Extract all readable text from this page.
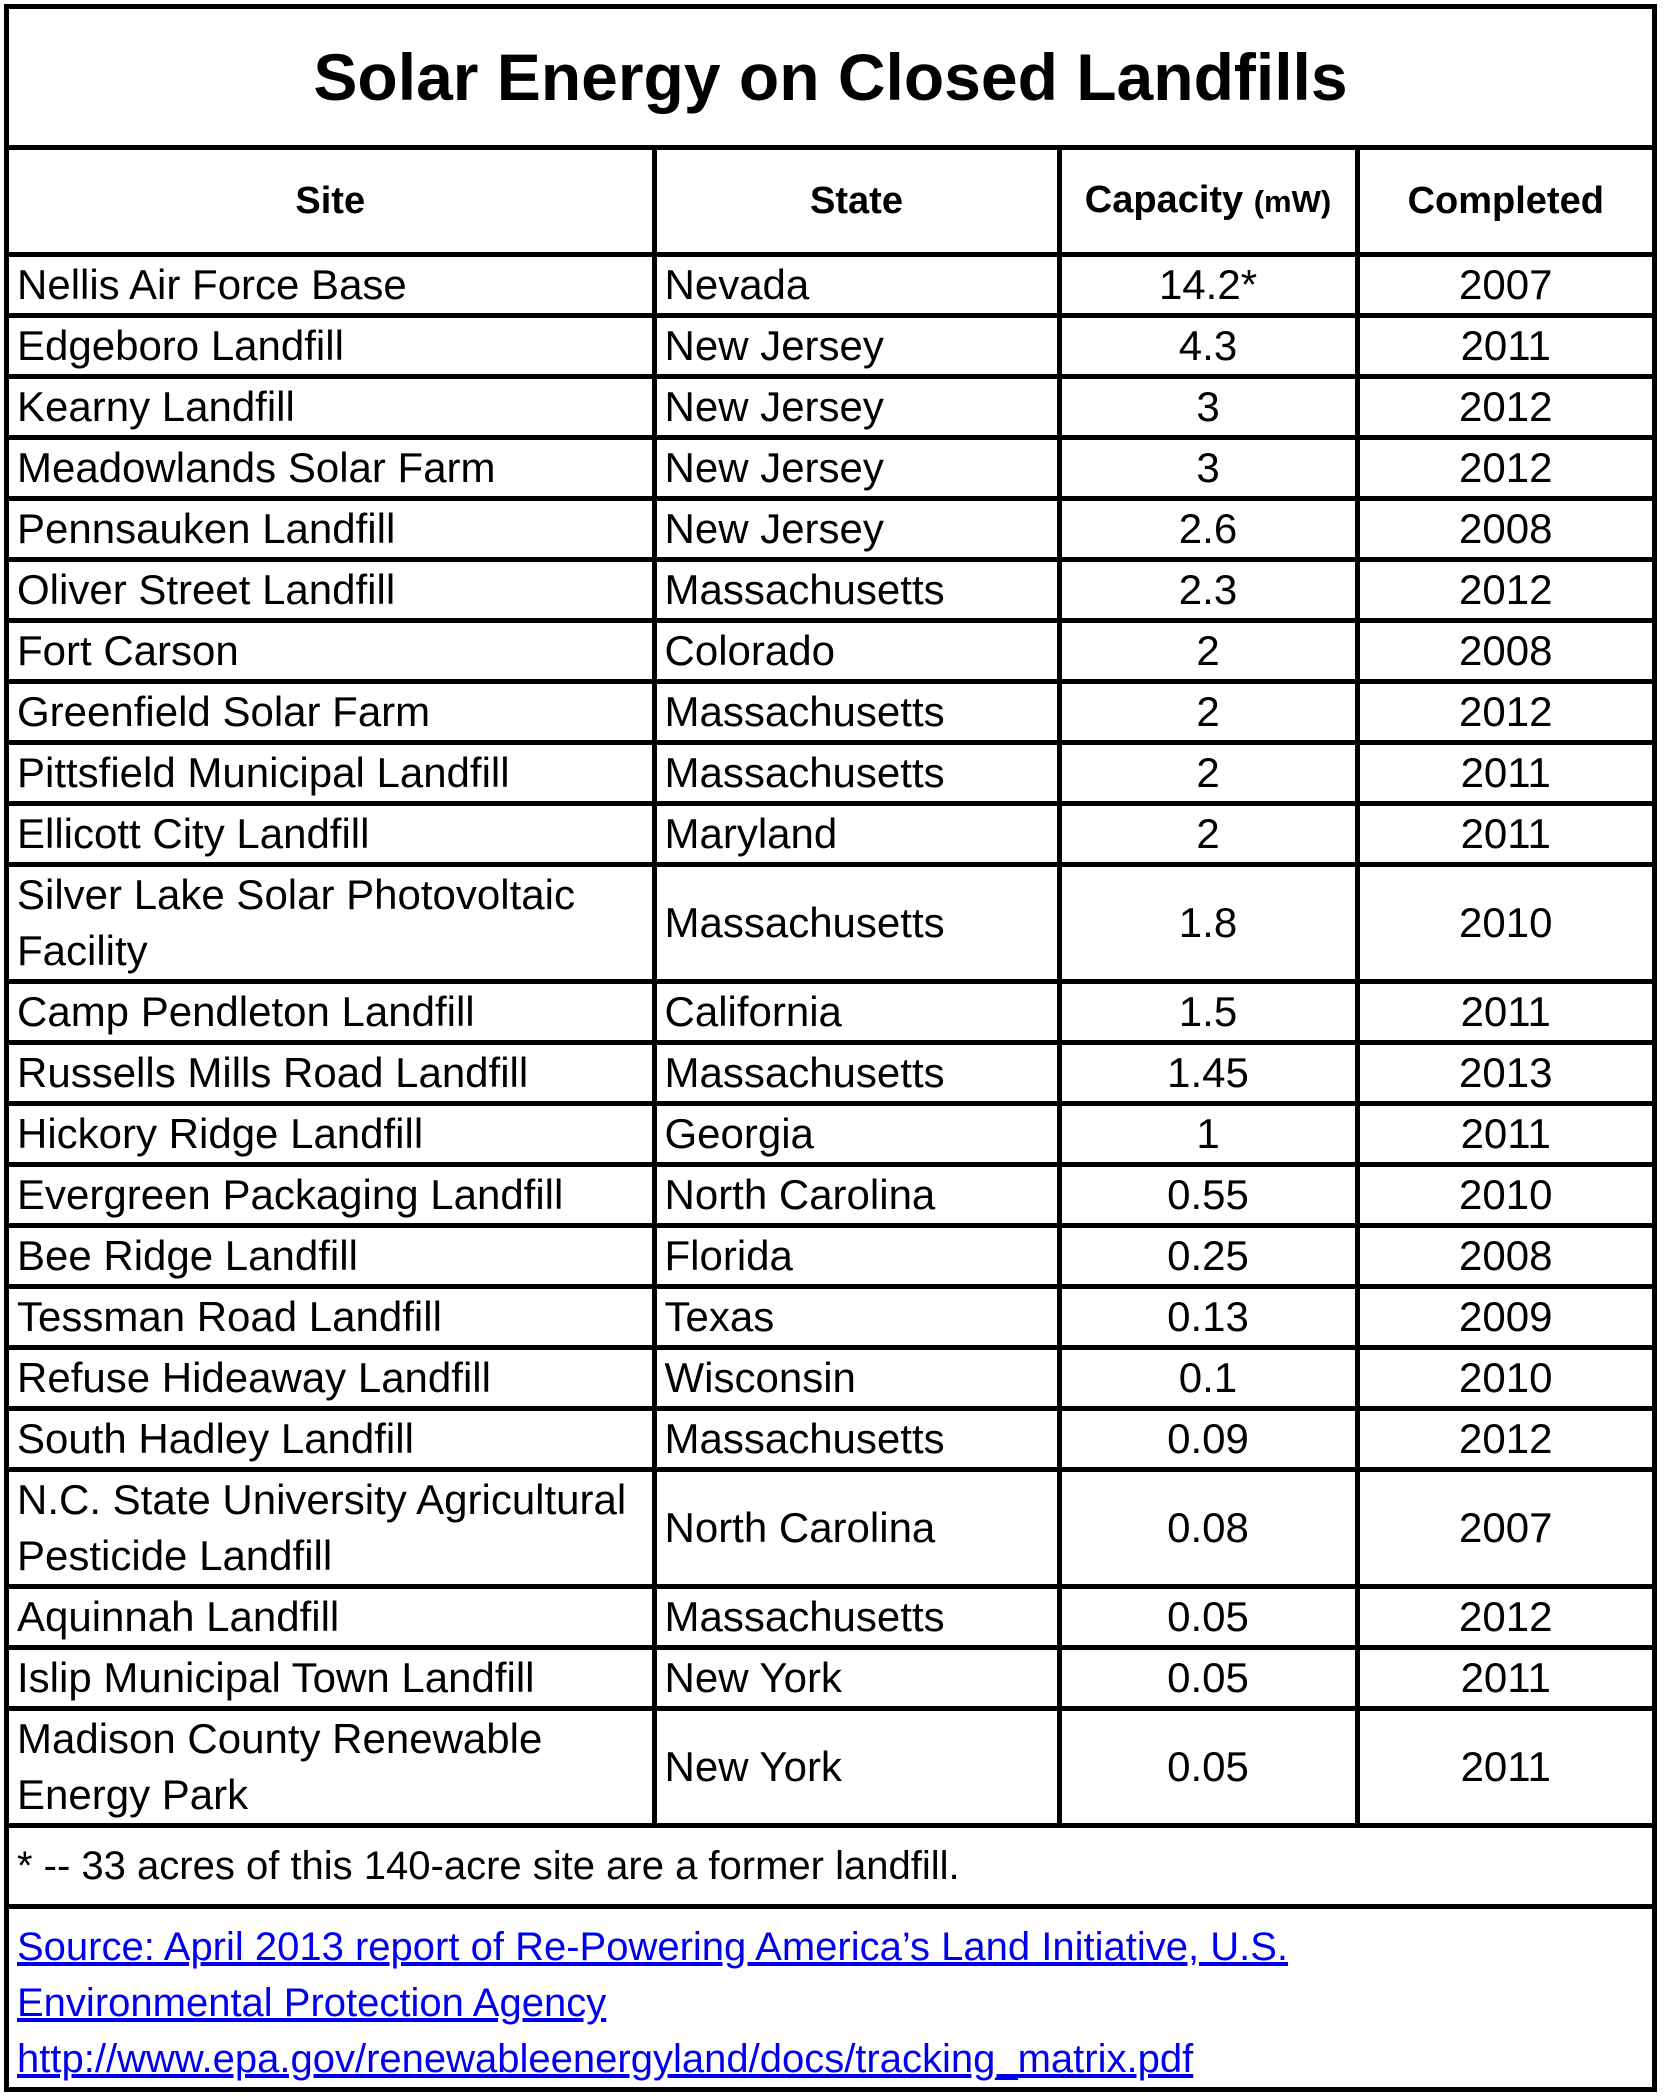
Solar Energy on Closed Landfills
Site	State	Capacity (mW)	Completed
Nellis Air Force Base	Nevada	14.2*	2007
Edgeboro Landfill	New Jersey	4.3	2011
Kearny Landfill	New Jersey	3	2012
Meadowlands Solar Farm	New Jersey	3	2012
Pennsauken Landfill	New Jersey	2.6	2008
Oliver Street Landfill	Massachusetts	2.3	2012
Fort Carson	Colorado	2	2008
Greenfield Solar Farm	Massachusetts	2	2012
Pittsfield Municipal Landfill	Massachusetts	2	2011
Ellicott City Landfill	Maryland	2	2011
Silver Lake Solar Photovoltaic Facility	Massachusetts	1.8	2010
Camp Pendleton Landfill	California	1.5	2011
Russells Mills Road Landfill	Massachusetts	1.45	2013
Hickory Ridge Landfill	Georgia	1	2011
Evergreen Packaging Landfill	North Carolina	0.55	2010
Bee Ridge Landfill	Florida	0.25	2008
Tessman Road Landfill	Texas	0.13	2009
Refuse Hideaway Landfill	Wisconsin	0.1	2010
South Hadley Landfill	Massachusetts	0.09	2012
N.C. State University Agricultural Pesticide Landfill	North Carolina	0.08	2007
Aquinnah Landfill	Massachusetts	0.05	2012
Islip Municipal Town Landfill	New York	0.05	2011
Madison County Renewable Energy Park	New York	0.05	2011
* -- 33 acres of this 140-acre site are a former landfill.
Source: April 2013 report of Re-Powering America’s Land Initiative, U.S.
Environmental Protection Agency
http://www.epa.gov/renewableenergyland/docs/tracking_matrix.pdf
